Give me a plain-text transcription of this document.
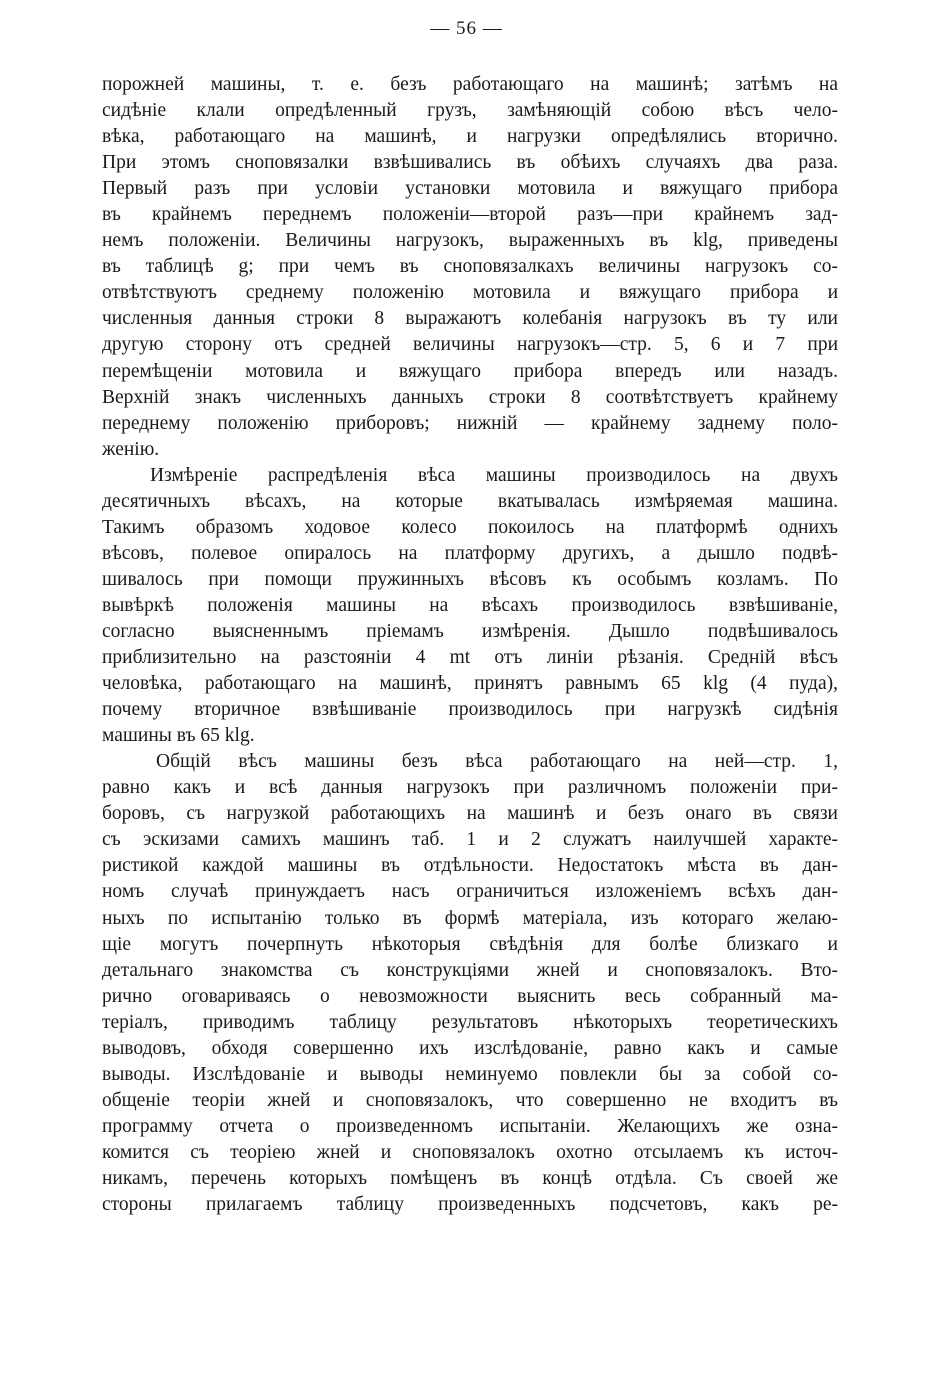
— 56 —
порожней машины, т. е. безъ работающаго на машинѣ; затѣмъ на
сидѣніе клали опредѣленный грузъ, замѣняющій собою вѣсъ чело-
вѣка, работающаго на машинѣ, и нагрузки опредѣлялись вторично.
При этомъ сноповязалки взвѣшивались въ обѣихъ случаяхъ два раза.
Первый разъ при условіи установки мотовила и вяжущаго прибора
въ крайнемъ переднемъ положеніи—второй разъ—при крайнемъ зад-
немъ положеніи. Величины нагрузокъ, выраженныхъ въ klg, приведены
въ таблицѣ g; при чемъ въ сноповязалкахъ величины нагрузокъ со-
отвѣтствуютъ среднему положенію мотовила и вяжущаго прибора и
численныя данныя строки 8 выражаютъ колебанія нагрузокъ въ ту или
другую сторону отъ средней величины нагрузокъ—стр. 5, 6 и 7 при
перемѣщеніи мотовила и вяжущаго прибора впередъ или назадъ.
Верхній знакъ численныхъ данныхъ строки 8 соотвѣтствуетъ крайнему
переднему положенію приборовъ; нижній — крайнему заднему поло-
женію.
Измѣреніе распредѣленія вѣса машины производилось на двухъ
десятичныхъ вѣсахъ, на которые вкатывалась измѣряемая машина.
Такимъ образомъ ходовое колесо покоилось на платформѣ однихъ
вѣсовъ, полевое опиралось на платформу другихъ, а дышло подвѣ-
шивалось при помощи пружинныхъ вѣсовъ къ особымъ козламъ. По
вывѣркѣ положенія машины на вѣсахъ производилось взвѣшиваніе,
согласно выясненнымъ пріемамъ измѣренія. Дышло подвѣшивалось
приблизительно на разстояніи 4 mt отъ линіи рѣзанія. Средній вѣсъ
человѣка, работающаго на машинѣ, принятъ равнымъ 65 klg (4 пуда),
почему вторичное взвѣшиваніе производилось при нагрузкѣ сидѣнія
машины въ 65 klg.
Общій вѣсъ машины безъ вѣса работающаго на ней—стр. 1,
равно какъ и всѣ данныя нагрузокъ при различномъ положеніи при-
боровъ, съ нагрузкой работающихъ на машинѣ и безъ онаго въ связи
съ эскизами самихъ машинъ таб. 1 и 2 служатъ наилучшей характе-
ристикой каждой машины въ отдѣльности. Недостатокъ мѣста въ дан-
номъ случаѣ принуждаетъ насъ ограничиться изложеніемъ всѣхъ дан-
ныхъ по испытанію только въ формѣ матеріала, изъ котораго желаю-
щіе могутъ почерпнуть нѣкоторыя свѣдѣнія для болѣе близкаго и
детальнаго знакомства съ конструкціями жней и сноповязалокъ. Вто-
рично оговариваясь о невозможности выяснить весь собранный ма-
теріалъ, приводимъ таблицу результатовъ нѣкоторыхъ теоретическихъ
выводовъ, обходя совершенно ихъ изслѣдованіе, равно какъ и самые
выводы. Изслѣдованіе и выводы неминуемо повлекли бы за собой со-
общеніе теоріи жней и сноповязалокъ, что совершенно не входитъ въ
программу отчета о произведенномъ испытаніи. Желающихъ же озна-
комится съ теоріею жней и сноповязалокъ охотно отсылаемъ къ источ-
никамъ, перечень которыхъ помѣщенъ въ концѣ отдѣла. Съ своей же
стороны прилагаемъ таблицу произведенныхъ подсчетовъ, какъ ре-
